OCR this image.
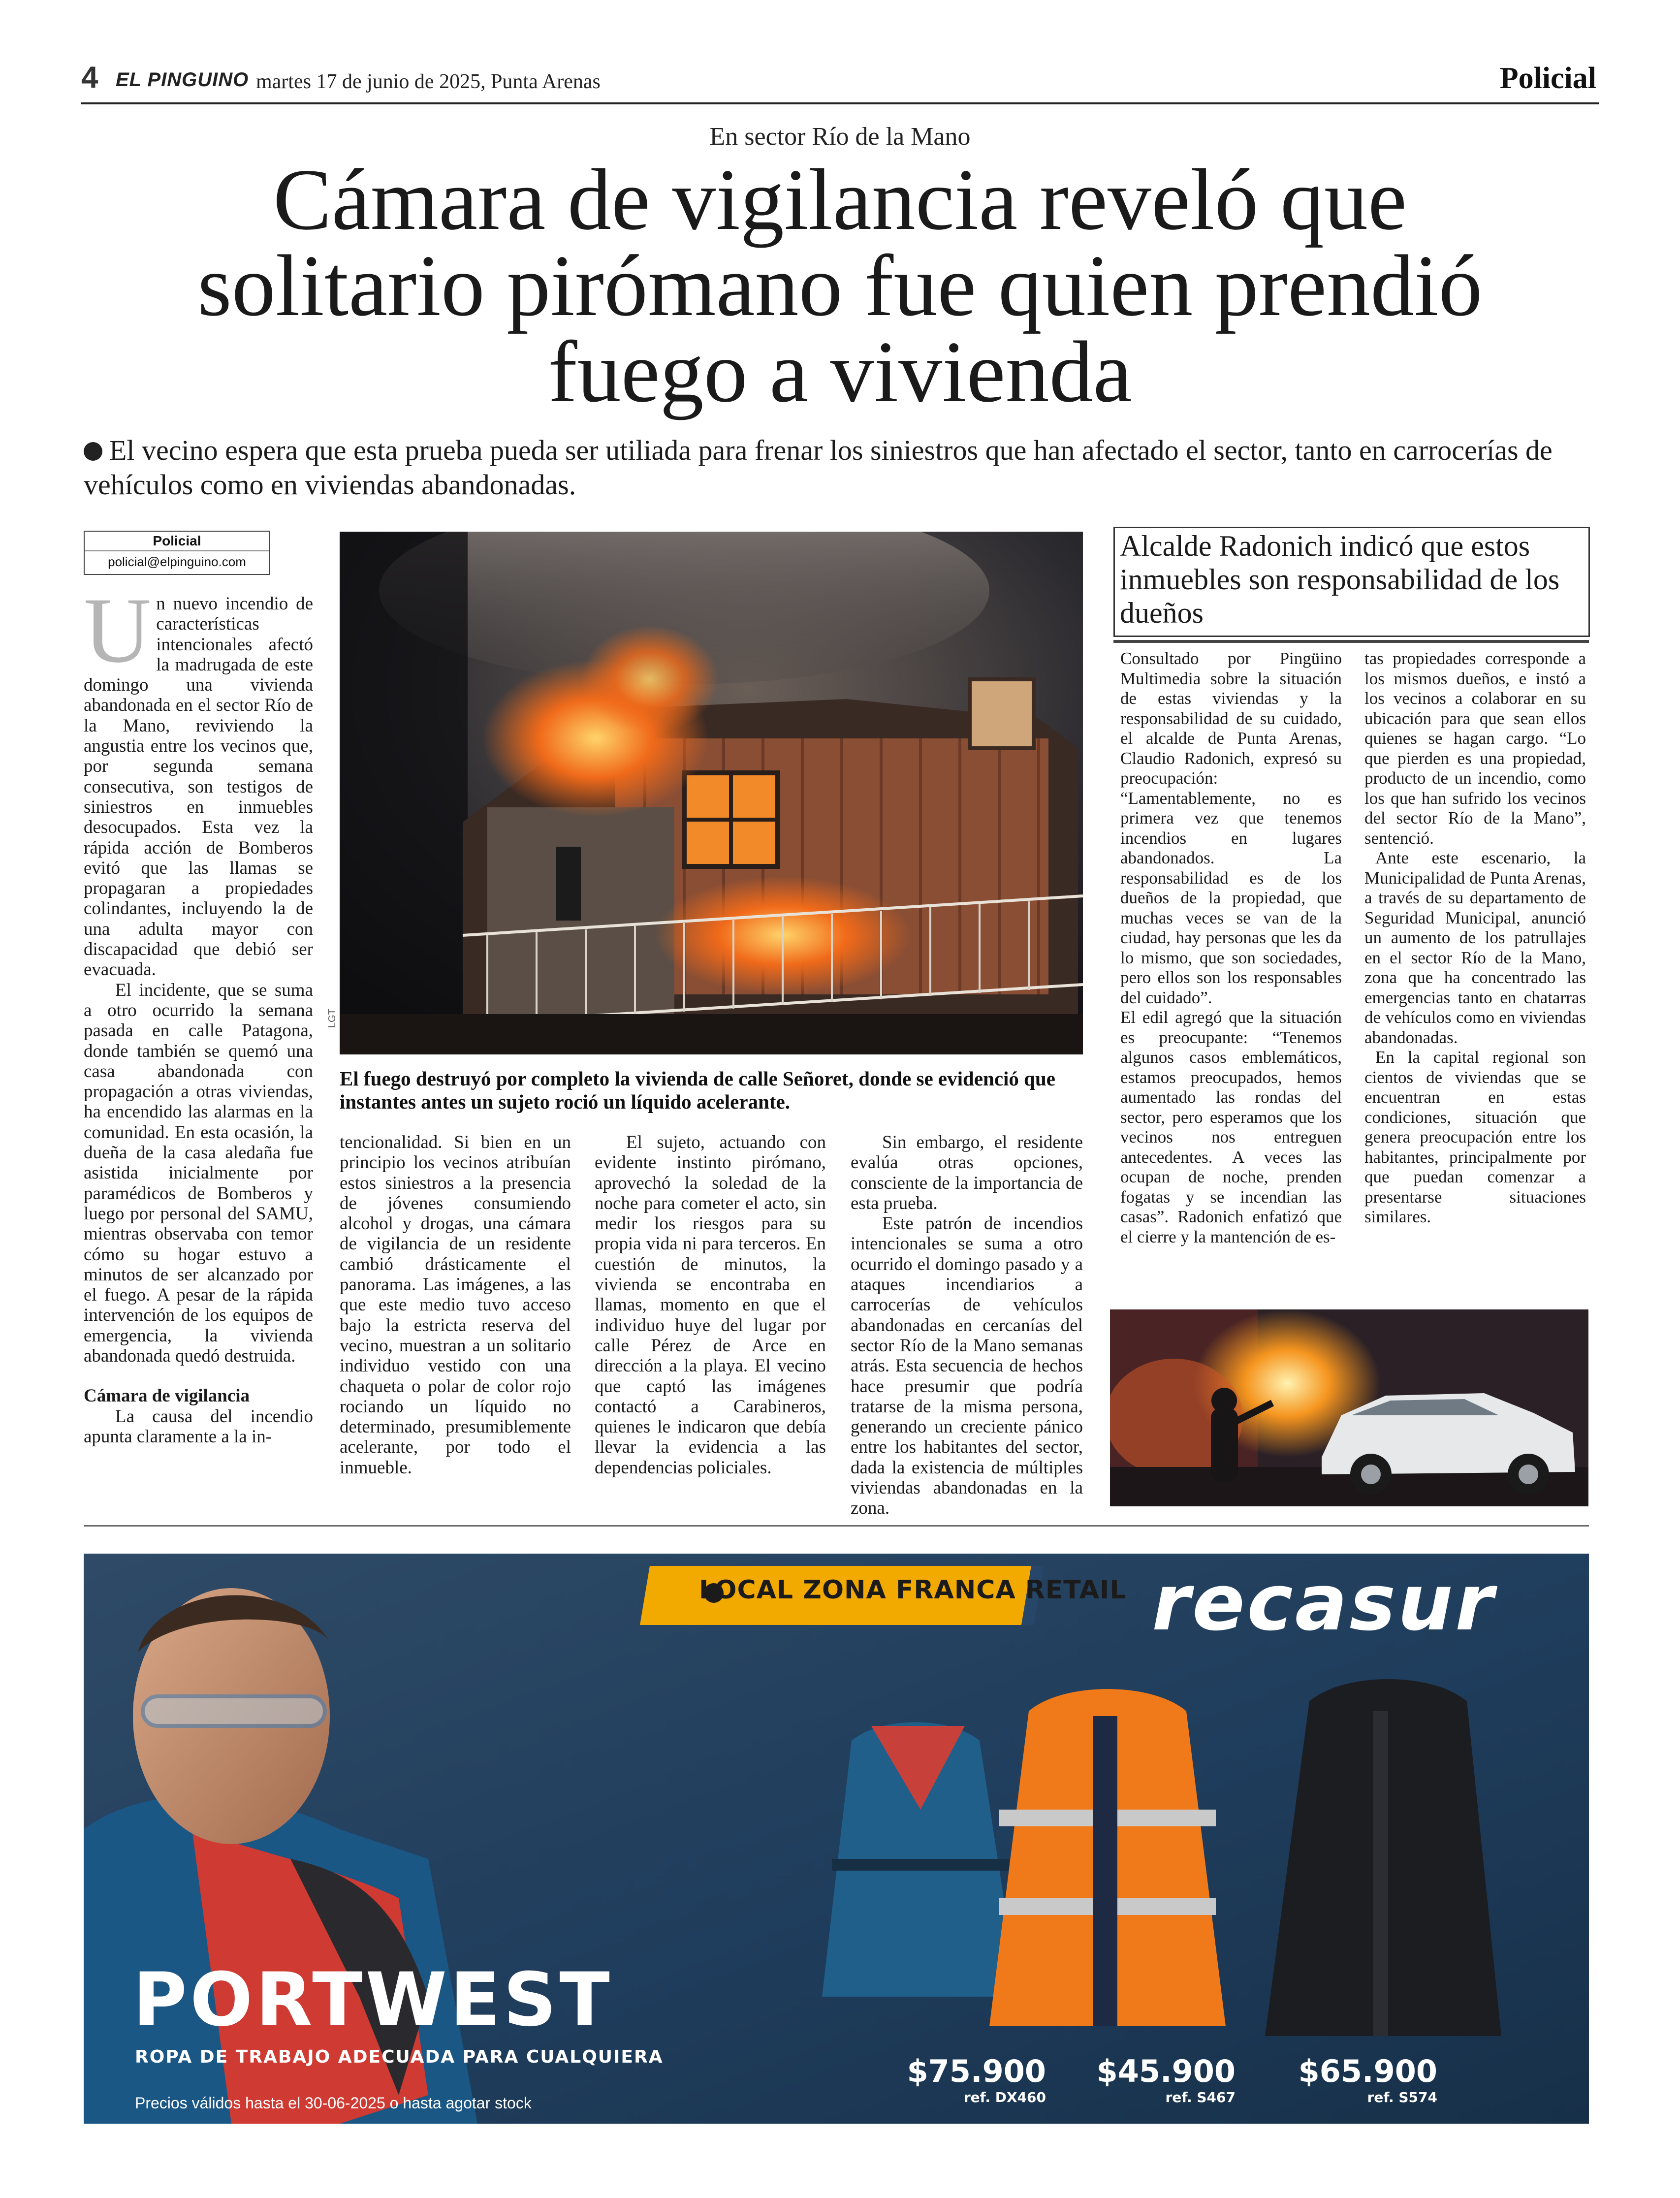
4 EL PINGUINO martes 17 de junio de 2025, Punta Arenas	Policial
En sector Río de la Mano
Cámara de vigilancia reveló que solitario pirómano fue quien prendió fuego a vivienda
El vecino espera que esta prueba pueda ser utiliada para frenar los siniestros que han afectado el sector, tanto en carrocerías de vehículos como en viviendas abandonadas.
Policial
policial@elpinguino.com
U n nuevo incendio de características intencionales afectó la madrugada de este domingo una vivienda abandonada en el sector Río de la Mano, reviviendo la angustia entre los vecinos que, por segunda semana consecutiva, son testigos de siniestros en inmuebles desocupados. Esta vez la rápida acción de Bomberos evitó que las llamas se propagaran a propiedades colindantes, incluyendo la de una adulta mayor con discapacidad que debió ser evacuada.

El incidente, que se suma a otro ocurrido la semana pasada en calle Patagona, donde también se quemó una casa abandonada con propagación a otras viviendas, ha encendido las alarmas en la comunidad. En esta ocasión, la dueña de la casa aledaña fue asistida inicialmente por paramédicos de Bomberos y luego por personal del SAMU, mientras observaba con temor cómo su hogar estuvo a minutos de ser alcanzado por el fuego. A pesar de la rápida intervención de los equipos de emergencia, la vivienda abandonada quedó destruida.

Cámara de vigilancia

La causa del incendio apunta claramente a la in-

LGT
El fuego destruyó por completo la vivienda de calle Señoret, donde se evidenció que instantes antes un sujeto roció un líquido acelerante.

tencionalidad. Si bien en un principio los vecinos atribuían estos siniestros a la presencia de jóvenes consumiendo alcohol y drogas, una cámara de vigilancia de un residente cambió drásticamente el panorama. Las imágenes, a las que este medio tuvo acceso bajo la estricta reserva del vecino, muestran a un solitario individuo vestido con una chaqueta o polar de color rojo rociando un líquido no determinado, presumiblemente acelerante, por todo el inmueble.

El sujeto, actuando con evidente instinto pirómano, aprovechó la soledad de la noche para cometer el acto, sin medir los riesgos para su propia vida ni para terceros. En cuestión de minutos, la vivienda se encontraba en llamas, momento en que el individuo huye del lugar por calle Pérez de Arce en dirección a la playa. El vecino que captó las imágenes contactó a Carabineros, quienes le indicaron que debía llevar la evidencia a las dependencias policiales.

Sin embargo, el residente evalúa otras opciones, consciente de la importancia de esta prueba.

Este patrón de incendios intencionales se suma a otro ocurrido el domingo pasado y a ataques incendiarios a carrocerías de vehículos abandonadas en cercanías del sector Río de la Mano semanas atrás. Esta secuencia de hechos hace presumir que podría tratarse de la misma persona, generando un creciente pánico entre los habitantes del sector, dada la existencia de múltiples viviendas abandonadas en la zona.

Alcalde Radonich indicó que estos inmuebles son responsabilidad de los dueños

Consultado por Pingüino Multimedia sobre la situación de estas viviendas y la responsabilidad de su cuidado, el alcalde de Punta Arenas, Claudio Radonich, expresó su preocupación: “Lamentablemente, no es primera vez que tenemos incendios en lugares abandonados. La responsabilidad es de los dueños de la propiedad, que muchas veces se van de la ciudad, hay personas que les da lo mismo, que son sociedades, pero ellos son los responsables del cuidado”.

El edil agregó que la situación es preocupante: “Tenemos algunos casos emblemáticos, estamos preocupados, hemos aumentado las rondas del sector, pero esperamos que los vecinos nos entreguen antecedentes. A veces las ocupan de noche, prenden fogatas y se incendian las casas”. Radonich enfatizó que el cierre y la mantención de es-

tas propiedades corresponde a los mismos dueños, e instó a los vecinos a colaborar en su ubicación para que sean ellos quienes se hagan cargo. “Lo que pierden es una propiedad, producto de un incendio, como los que han sufrido los vecinos del sector Río de la Mano”, sentenció.

Ante este escenario, la Municipalidad de Punta Arenas, a través de su departamento de Seguridad Municipal, anunció un aumento de los patrullajes en el sector Río de la Mano, zona que ha concentrado las emergencias tanto en chatarras de vehículos como en viviendas abandonadas.

En la capital regional son cientos de viviendas que se encuentran en estas condiciones, situación que genera preocupación entre los habitantes, principalmente por que puedan comenzar a presentarse situaciones similares.

LOCAL ZONA FRANCA RETAIL recasur
PORTWEST
ROPA DE TRABAJO ADECUADA PARA CUALQUIERA
Precios válidos hasta el 30-06-2025 o hasta agotar stock
$75.900
ref. DX460
$45.900
ref. S467
$65.900
ref. S574
